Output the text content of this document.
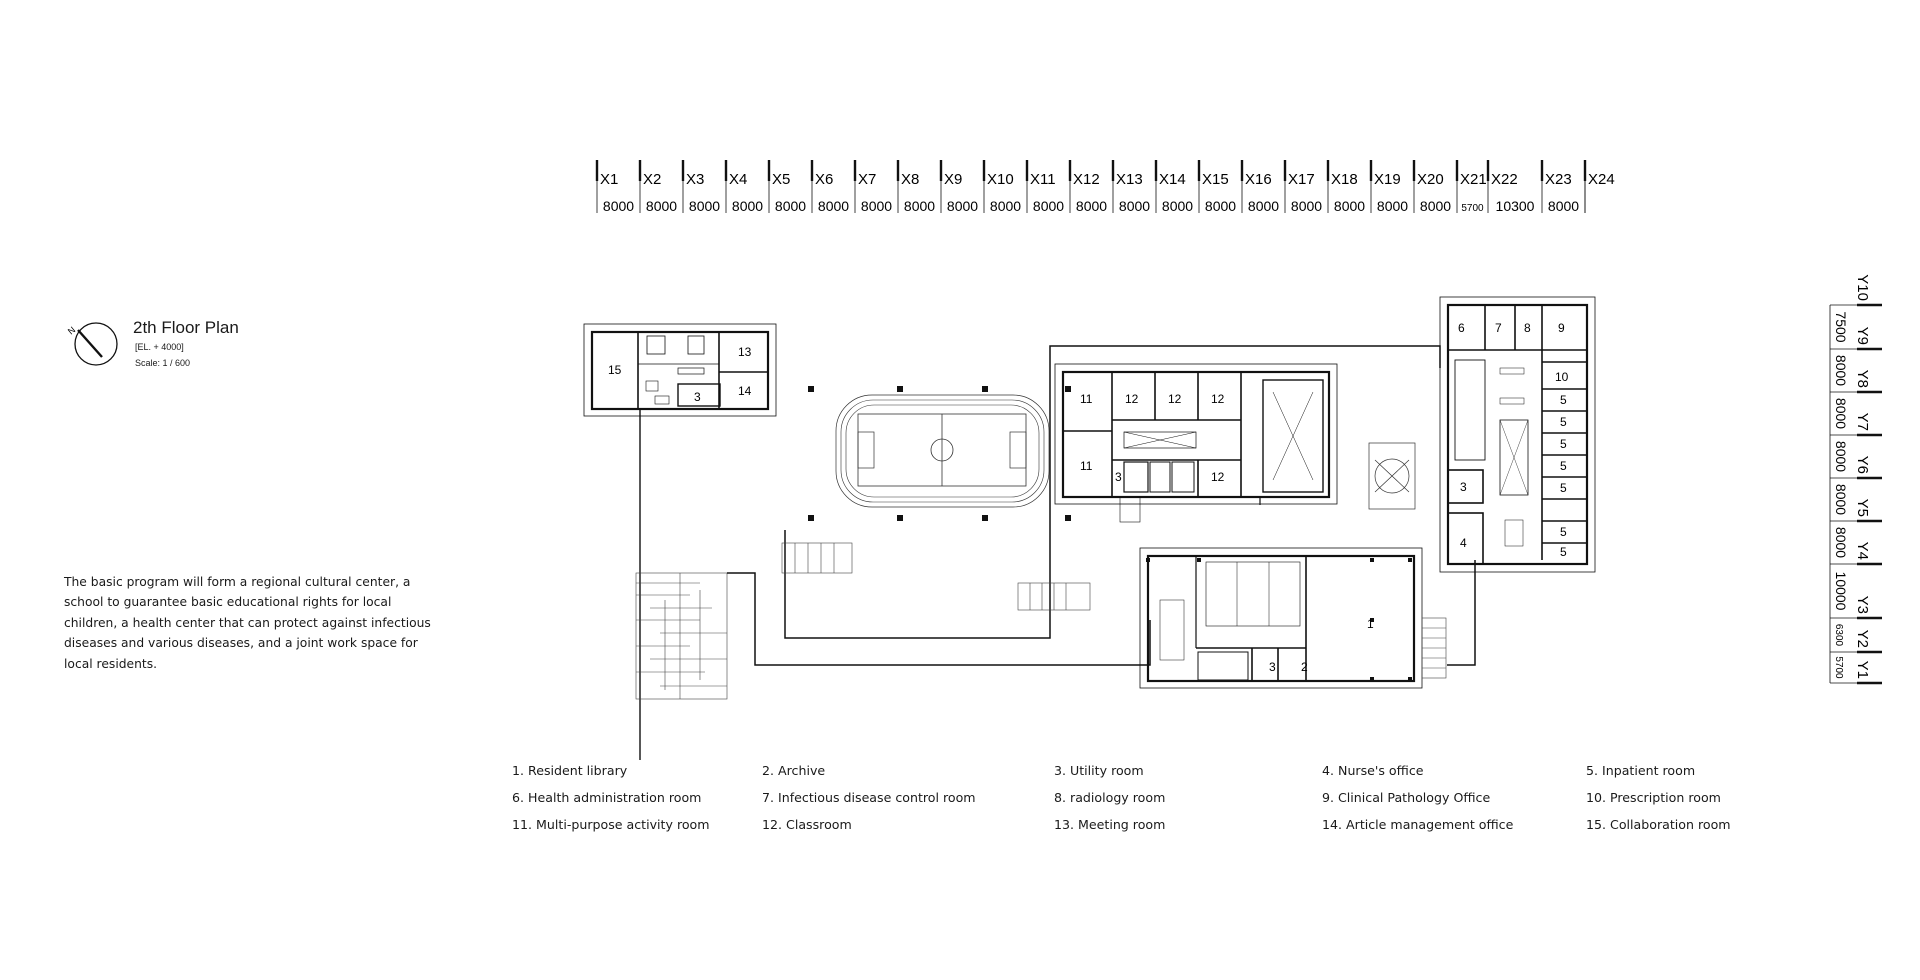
X1 X2 X3 X4 X5 X6 X7 X8 X9 X10 X11 X12 X13 X14 X15 X16 X17 X18 X19 X20 X21 X22 X23 X24
8000 8000 8000 8000 8000 8000 8000 8000 8000 8000 8000 8000 8000 8000 8000 8000 8000 8000 8000 8000 5700 10300 8000
Y10
Y9
Y8
Y7
Y6
Y5
Y4
Y3
Y2
Y1
7500
8000
8000
8000
8000
8000
10000
6300
5700
N
15
13
14
3	11	12 12 12
11
3	12
1
2
3
6	7 8 9
10
5
5
5
5
5
5
5
3
4
2th Floor Plan
[EL. + 4000]
Scale: 1 / 600
The basic program will form a regional cultural center, a school to guarantee basic educational rights for local children, a health center that can protect against infectious diseases and various diseases, and a joint work space for local residents.
1. Resident library	2. Archive	3. Utility room	4. Nurse's office	5. Inpatient room
6. Health administration room	7. Infectious disease control room	8. radiology room	9. Clinical Pathology Office	10. Prescription room
11. Multi-purpose activity room	12. Classroom	13. Meeting room	14. Article management office	15. Collaboration room
